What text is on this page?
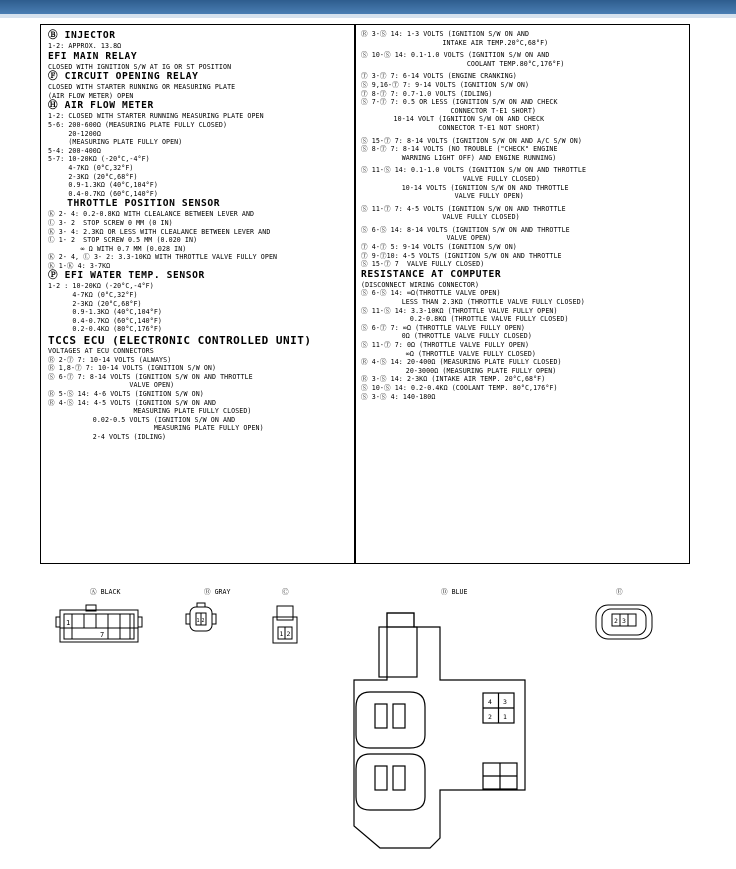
Ⓑ INJECTOR
1-2: APPROX. 13.8Ω
EFI MAIN RELAY
CLOSED WITH IGNITION S/W AT IG OR ST POSITION
Ⓕ CIRCUIT OPENING RELAY
CLOSED WITH STARTER RUNNING OR MEASURING PLATE
(AIR FLOW METER) OPEN
Ⓗ AIR FLOW METER
1-2: CLOSED WITH STARTER RUNNING MEASURING PLATE OPEN
5-6: 200-600Ω (MEASURING PLATE FULLY CLOSED)
20-1200Ω
(MEASURING PLATE FULLY OPEN)
5-4: 200-400Ω
5-7: 10-20KΩ (-20°C,-4°F)
4-7KΩ (0°C,32°F)
2-3KΩ (20°C,68°F)
0.9-1.3KΩ (40°C,104°F)
0.4-0.7KΩ (60°C,140°F)
THROTTLE POSITION SENSOR
Ⓚ 2- 4: 0.2-0.8KΩ WITH CLEALANCE BETWEEN LEVER AND
Ⓛ 3- 2  STOP SCREW 0 MM (0 IN)
Ⓚ 3- 4: 2.3KΩ OR LESS WITH CLEALANCE BETWEEN LEVER AND
Ⓛ 1- 2  STOP SCREW 0.5 MM (0.020 IN)
∞ Ω WITH 0.7 MM (0.028 IN)
Ⓚ 2- 4, Ⓛ 3- 2: 3.3-10KΩ WITH THROTTLE VALVE FULLY OPEN
Ⓚ 1-Ⓚ 4: 3-7KΩ
Ⓟ EFI WATER TEMP. SENSOR
1-2 : 10-20KΩ (-20°C,-4°F)
4-7KΩ (0°C,32°F)
2-3KΩ (20°C,68°F)
0.9-1.3KΩ (40°C,104°F)
0.4-0.7KΩ (60°C,140°F)
0.2-0.4KΩ (80°C,176°F)
TCCS ECU (ELECTRONIC CONTROLLED UNIT)
VOLTAGES AT ECU CONNECTORS
Ⓡ 2-Ⓣ 7: 10-14 VOLTS (ALWAYS)
Ⓡ 1,8-Ⓣ 7: 10-14 VOLTS (IGNITION S/W ON)
Ⓢ 6-Ⓣ 7: 8-14 VOLTS (IGNITION S/W ON AND THROTTLE
VALVE OPEN)
Ⓡ 5-Ⓢ 14: 4-6 VOLTS (IGNITION S/W ON)
Ⓡ 4-Ⓢ 14: 4-5 VOLTS (IGNITION S/W ON AND
MEASURING PLATE FULLY CLOSED)
0.02-0.5 VOLTS (IGNITION S/W ON AND
MEASURING PLATE FULLY OPEN)
2-4 VOLTS (IDLING)
Ⓡ 3-Ⓢ 14: 1-3 VOLTS (IGNITION S/W ON AND
INTAKE AIR TEMP.20°C,68°F)
Ⓢ 10-Ⓢ 14: 0.1-1.0 VOLTS (IGNITION S/W ON AND
COOLANT TEMP.80°C,176°F)
Ⓣ 3-Ⓣ 7: 6-14 VOLTS (ENGINE CRANKING)
Ⓢ 9,16-Ⓣ 7: 9-14 VOLTS (IGNITION S/W ON)
Ⓣ 8-Ⓣ 7: 0.7-1.0 VOLTS (IDLING)
Ⓢ 7-Ⓣ 7: 0.5 OR LESS (IGNITION S/W ON AND CHECK
CONNECTOR T-E1 SHORT)
10-14 VOLT (IGNITION S/W ON AND CHECK
CONNECTOR T-E1 NOT SHORT)
Ⓢ 15-Ⓣ 7: 8-14 VOLTS (IGNITION S/W ON AND A/C S/W ON)
Ⓢ 8-Ⓣ 7: 8-14 VOLTS (NO TROUBLE ("CHECK" ENGINE
WARNING LIGHT OFF) AND ENGINE RUNNING)
Ⓢ 11-Ⓢ 14: 0.1-1.0 VOLTS (IGNITION S/W ON AND THROTTLE
VALVE FULLY CLOSED)
10-14 VOLTS (IGNITION S/W ON AND THROTTLE
VALVE FULLY OPEN)
Ⓢ 11-Ⓣ 7: 4-5 VOLTS (IGNITION S/W ON AND THROTTLE
VALVE FULLY CLOSED)
Ⓢ 6-Ⓢ 14: 8-14 VOLTS (IGNITION S/W ON AND THROTTLE
VALVE OPEN)
Ⓣ 4-Ⓣ 5: 9-14 VOLTS (IGNITION S/W ON)
Ⓣ 9-Ⓣ10: 4-5 VOLTS (IGNITION S/W ON AND THROTTLE
Ⓢ 15-Ⓣ 7  VALVE FULLY CLOSED)
RESISTANCE AT COMPUTER
(DISCONNECT WIRING CONNECTOR)
Ⓢ 6-Ⓢ 14: ∞Ω(THROTTLE VALVE OPEN)
LESS THAN 2.3KΩ (THROTTLE VALVE FULLY CLOSED)
Ⓢ 11-Ⓢ 14: 3.3-10KΩ (THROTTLE VALVE FULLY OPEN)
0.2-0.8KΩ (THROTTLE VALVE FULLY CLOSED)
Ⓢ 6-Ⓣ 7: ∞Ω (THROTTLE VALVE FULLY OPEN)
0Ω (THROTTLE VALVE FULLY CLOSED)
Ⓢ 11-Ⓣ 7: 0Ω (THROTTLE VALVE FULLY OPEN)
∞Ω (THROTTLE VALVE FULLY CLOSED)
Ⓡ 4-Ⓢ 14: 20-400Ω (MEASURING PLATE FULLY CLOSED)
20-3000Ω (MEASURING PLATE FULLY OPEN)
Ⓡ 3-Ⓢ 14: 2-3KΩ (INTAKE AIR TEMP. 20°C,68°F)
Ⓢ 10-Ⓢ 14: 0.2-0.4KΩ (COOLANT TEMP. 80°C,176°F)
Ⓢ 3-Ⓢ 4: 140-180Ω
Ⓐ BLACK	Ⓑ GRAY	Ⓒ	Ⓓ BLUE	Ⓔ
1
7
1 2
1 2
2 3
4 3
2 1
